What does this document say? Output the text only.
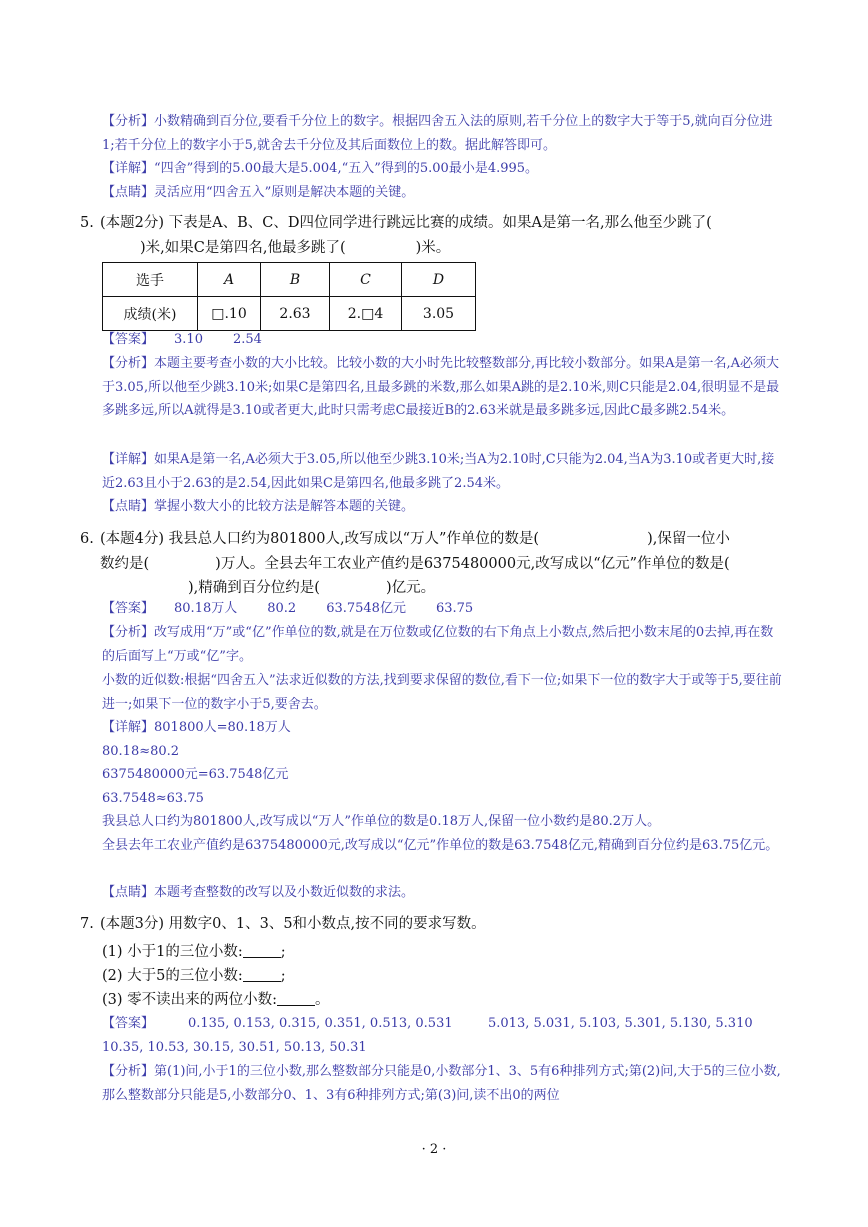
【分析】小数精确到百分位,要看千分位上的数字。根据四舍五入法的原则,若千分位上的数字大于等于5,就向百分位进1;若千分位上的数字小于5,就舍去千分位及其后面数位上的数。据此解答即可。
【详解】“四舍”得到的5.00最大是5.004,“五入”得到的5.00最小是4.995。
【点睛】灵活应用“四舍五入”原则是解决本题的关键。
5. (本题2分) 下表是A、B、C、D四位同学进行跳远比赛的成绩。如果A是第一名,那么他至少跳了(
)米,如果C是第四名,他最多跳了(	)米。
选手	A	B	C	D
成绩(米)	□.10	2.63	2.□4	3.05
【答案】 3.10 2.54
【分析】本题主要考查小数的大小比较。比较小数的大小时先比较整数部分,再比较小数部分。如果A是第一名,A必须大于3.05,所以他至少跳3.10米;如果C是第四名,且最多跳的米数,那么如果A跳的是2.10米,则C只能是2.04,很明显不是最多跳多远,所以A就得是3.10或者更大,此时只需考虑C最接近B的2.63米就是最多跳多远,因此C最多跳2.54米。
【详解】如果A是第一名,A必须大于3.05,所以他至少跳3.10米;当A为2.10时,C只能为2.04,当A为3.10或者更大时,接近2.63且小于2.63的是2.54,因此如果C是第四名,他最多跳了2.54米。
【点睛】掌握小数大小的比较方法是解答本题的关键。
6. (本题4分) 我县总人口约为801800人,改写成以“万人”作单位的数是(	),保留一位小
数约是(	)万人。全县去年工农业产值约是6375480000元,改写成以“亿元”作单位的数是(
),精确到百分位约是(	)亿元。
【答案】 80.18万人 80.2 63.7548亿元 63.75
【分析】改写成用“万”或“亿”作单位的数,就是在万位数或亿位数的右下角点上小数点,然后把小数末尾的0去掉,再在数的后面写上“万或“亿”字。
小数的近似数:根据“四舍五入”法求近似数的方法,找到要求保留的数位,看下一位;如果下一位的数字大于或等于5,要往前进一;如果下一位的数字小于5,要舍去。
【详解】801800人=80.18万人
80.18≈80.2
6375480000元=63.7548亿元
63.7548≈63.75
我县总人口约为801800人,改写成以“万人”作单位的数是0.18万人,保留一位小数约是80.2万人。
全县去年工农业产值约是6375480000元,改写成以“亿元”作单位的数是63.7548亿元,精确到百分位约是63.75亿元。
【点睛】本题考查整数的改写以及小数近似数的求法。
7. (本题3分) 用数字0、1、3、5和小数点,按不同的要求写数。
(1) 小于1的三位小数:	;
(2) 大于5的三位小数:	;
(3) 零不读出来的两位小数:	。
【答案】	0.135, 0.153, 0.315, 0.351, 0.513, 0.531	5.013, 5.031, 5.103, 5.301, 5.130, 5.310
10.35, 10.53, 30.15, 30.51, 50.13, 50.31
【分析】第(1)问,小于1的三位小数,那么整数部分只能是0,小数部分1、3、5有6种排列方式;第(2)问,大于5的三位小数,那么整数部分只能是5,小数部分0、1、3有6种排列方式;第(3)问,读不出0的两位
· 2 ·
